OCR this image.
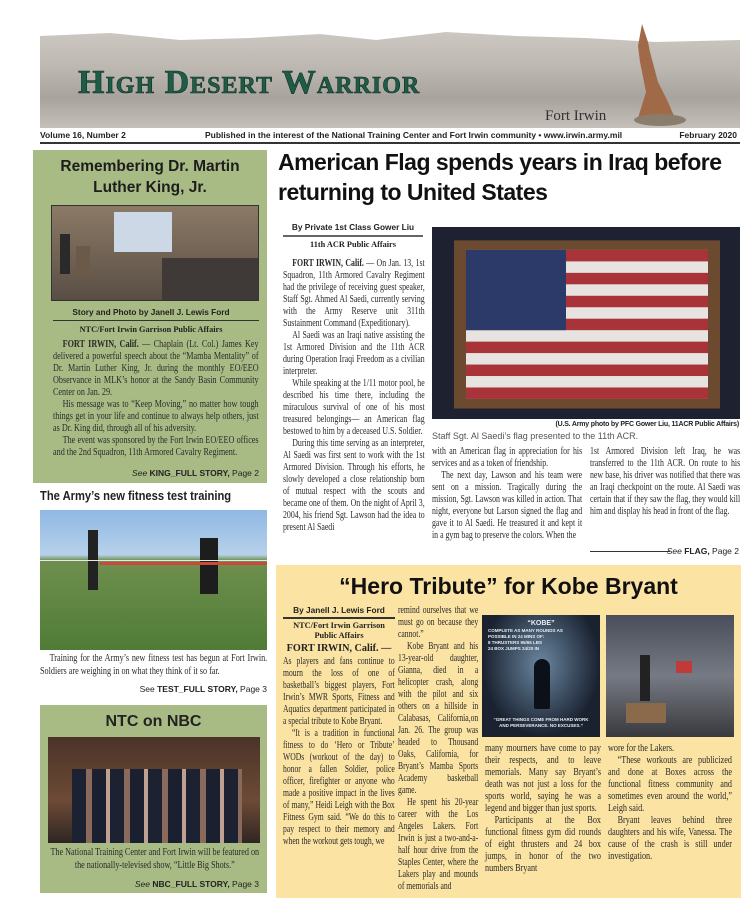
High Desert Warrior
Fort Irwin
Volume 16, Number 2	Published in the interest of the National Training Center and Fort Irwin community • www.irwin.army.mil	February 2020
Remembering Dr. Martin Luther King, Jr.
Story and Photo by Janell J. Lewis Ford
NTC/Fort Irwin Garrison Public Affairs

FORT IRWIN, Calif. — Chaplain (Lt. Col.) James Key delivered a powerful speech about the “Mamba Mentality” of Dr. Martin Luther King, Jr. during the monthly EO/EEO Observance in MLK’s honor at the Sandy Basin Community Center on Jan. 29.

His message was to “Keep Moving,” no matter how tough things get in your life and continue to always help others, just as Dr. King did, through all of his adversity.

The event was sponsored by the Fort Irwin EO/EEO offices and the 2nd Squadron, 11th Armored Cavalry Regiment.

See KING_FULL STORY, Page 2
The Army’s new fitness test training

Training for the Army’s new fitness test has begun at Fort Irwin. Soldiers are weighing in on what they think of it so far.

See TEST_FULL STORY, Page 3
NTC on NBC
The National Training Center and Fort Irwin will be featured on the nationally-televised show, “Little Big Shots.”
See NBC_FULL STORY, Page 3
American Flag spends years in Iraq before returning to United States
By Private 1st Class Gower Liu
11th ACR Public Affairs

FORT IRWIN, Calif. — On Jan. 13, 1st Squadron, 11th Armored Cavalry Regiment had the privilege of receiving guest speaker, Staff Sgt. Ahmed Al Saedi, currently serving with the Army Reserve unit 311th Sustainment Command (Expeditionary).

Al Saedi was an Iraqi native assisting the 1st Armored Division and the 11th ACR during Operation Iraqi Freedom as a civilian interpreter.

While speaking at the 1/11 motor pool, he described his time there, including the miraculous survival of one of his most treasured belongings— an American flag bestowed to him by a deceased U.S. Soldier.

During this time serving as an interpreter, Al Saedi was first sent to work with the 1st Armored Division. Through his efforts, he slowly developed a close relationship born of mutual respect with the scouts and became one of them. On the night of April 3, 2004, his friend Sgt. Lawson had the idea to present Al Saedi

(U.S. Army photo by PFC Gower Liu, 11ACR Public Affairs)
Staff Sgt. Al Saedi’s flag presented to the 11th ACR.

with an American flag in appreciation for his services and as a token of friendship.

The next day, Lawson and his team were sent on a mission. Tragically during the mission, Sgt. Lawson was killed in action. That night, everyone but Larson signed the flag and gave it to Al Saedi. He treasured it and kept it in a gym bag to preserve the colors. When the

1st Armored Division left Iraq, he was transferred to the 11th ACR. On route to his new base, his driver was notified that there was an Iraqi checkpoint on the route. Al Saedi was certain that if they saw the flag, they would kill him and display his head in front of the flag.

See FLAG, Page 2
“Hero Tribute” for Kobe Bryant
By Janell J. Lewis Ford
NTC/Fort Irwin Garrison Public Affairs
FORT IRWIN, Calif. —

As players and fans continue to mourn the loss of one of basketball’s biggest players, Fort Irwin’s MWR Sports, Fitness and Aquatics department participated in a special tribute to Kobe Bryant.

“It is a tradition in functional fitness to do ‘Hero or Tribute’ WODs (workout of the day) to honor a fallen Soldier, police officer, firefighter or anyone who made a positive impact in the lives of many,” Heidi Leigh with the Box Fitness Gym said. “We do this to pay respect to their memory and when the workout gets tough, we

remind ourselves that we must go on because they cannot.”

Kobe Bryant and his 13-year-old daughter, Gianna, died in a helicopter crash, along with the pilot and six others on a hillside in Calabasas, California,on Jan. 26. The group was headed to Thousand Oaks, California, for Bryant’s Mamba Sports Academy basketball game.

He spent his 20-year career with the Los Angeles Lakers. Fort Irwin is just a two-and-a-half hour drive from the Staples Center, where the Lakers play and mounds of memorials and

“KOBE”
COMPLETE AS MANY ROUNDS AS
POSSIBLE IN 24 MINS OF:
8 THRUSTERS 95/65 LBS
24 BOX JUMPS 24/20 IN
“GREAT THINGS COME FROM HARD WORK AND PERSEVERANCE. NO EXCUSES.”

many mourners have come to pay their respects, and to leave memorials. Many say Bryant’s death was not just a loss for the sports world, saying he was a legend and bigger than just sports.

Participants at the Box functional fitness gym did rounds of eight thrusters and 24 box jumps, in honor of the two numbers Bryant

wore for the Lakers.

“These workouts are publicized and done at Boxes across the functional fitness community and sometimes even around the world,” Leigh said.

Bryant leaves behind three daughters and his wife, Vanessa. The cause of the crash is still under investigation.
